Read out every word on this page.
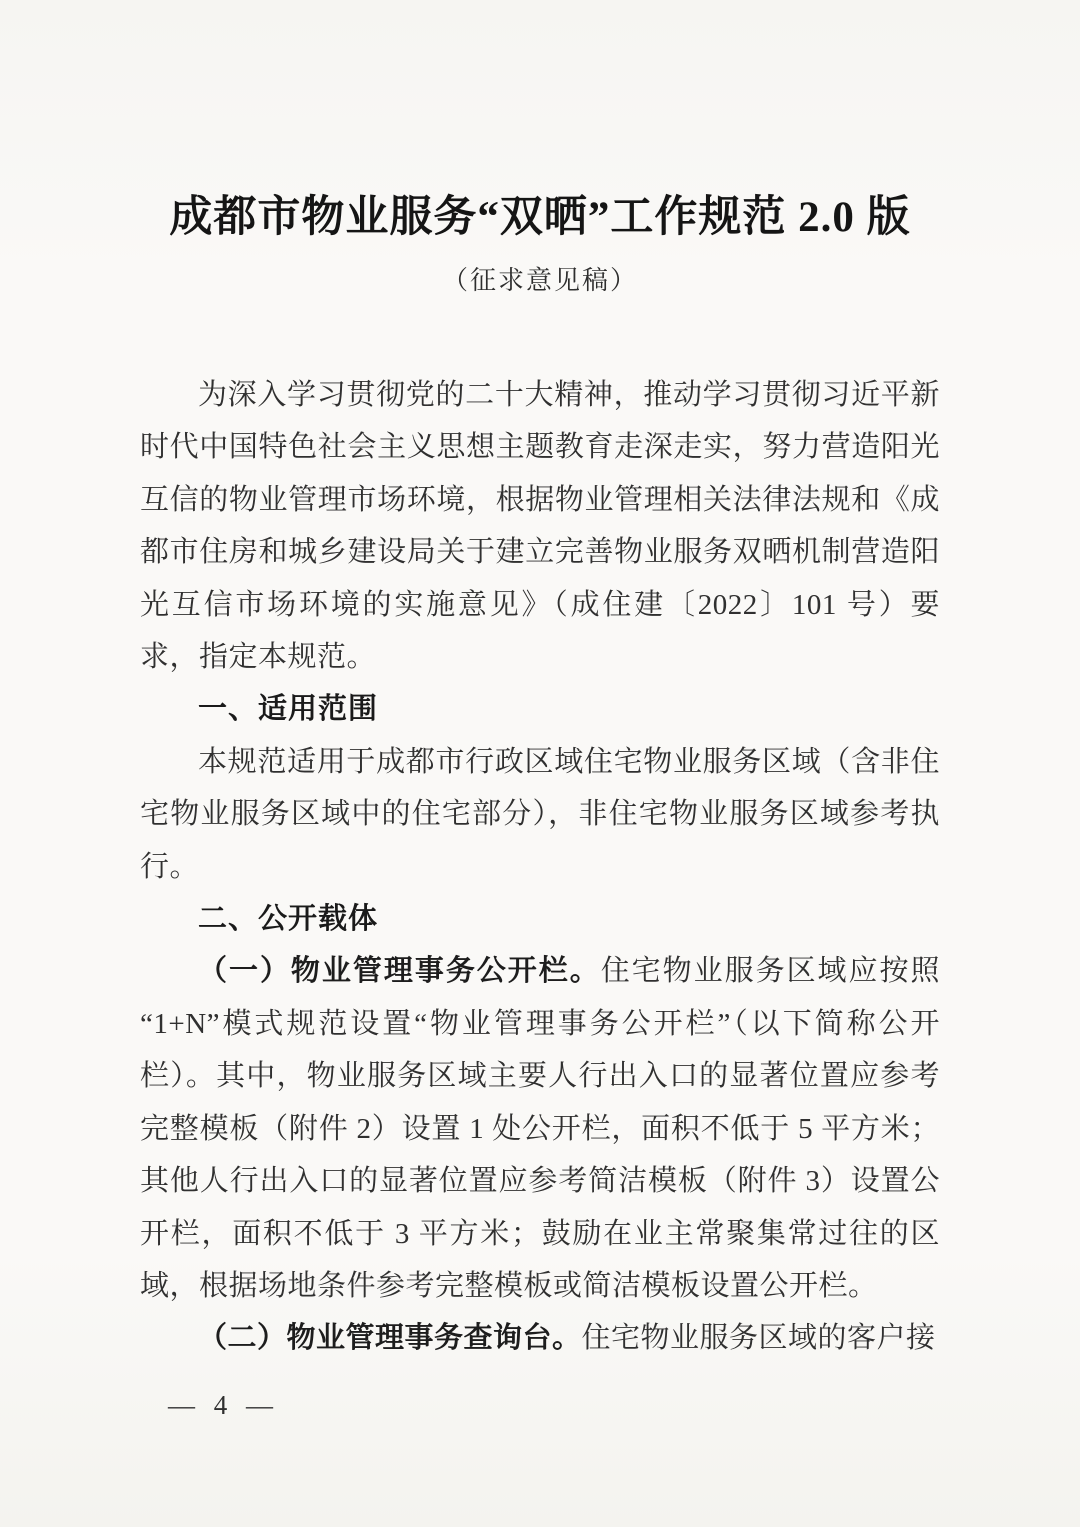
成都市物业服务“双晒”工作规范 2.0 版
（征求意见稿）

为深入学习贯彻党的二十大精神，推动学习贯彻习近平新时代中国特色社会主义思想主题教育走深走实，努力营造阳光互信的物业管理市场环境，根据物业管理相关法律法规和《成都市住房和城乡建设局关于建立完善物业服务双晒机制营造阳光互信市场环境的实施意见》（成住建〔2022〕101 号）要求，指定本规范。

一、适用范围

本规范适用于成都市行政区域住宅物业服务区域（含非住宅物业服务区域中的住宅部分），非住宅物业服务区域参考执行。

二、公开载体

（一）物业管理事务公开栏。住宅物业服务区域应按照“1+N”模式规范设置“物业管理事务公开栏”（以下简称公开栏）。其中，物业服务区域主要人行出入口的显著位置应参考完整模板（附件 2）设置 1 处公开栏，面积不低于 5 平方米；其他人行出入口的显著位置应参考简洁模板（附件 3）设置公开栏，面积不低于 3 平方米；鼓励在业主常聚集常过往的区域，根据场地条件参考完整模板或简洁模板设置公开栏。

（二）物业管理事务查询台。住宅物业服务区域的客户接

— 4 —
